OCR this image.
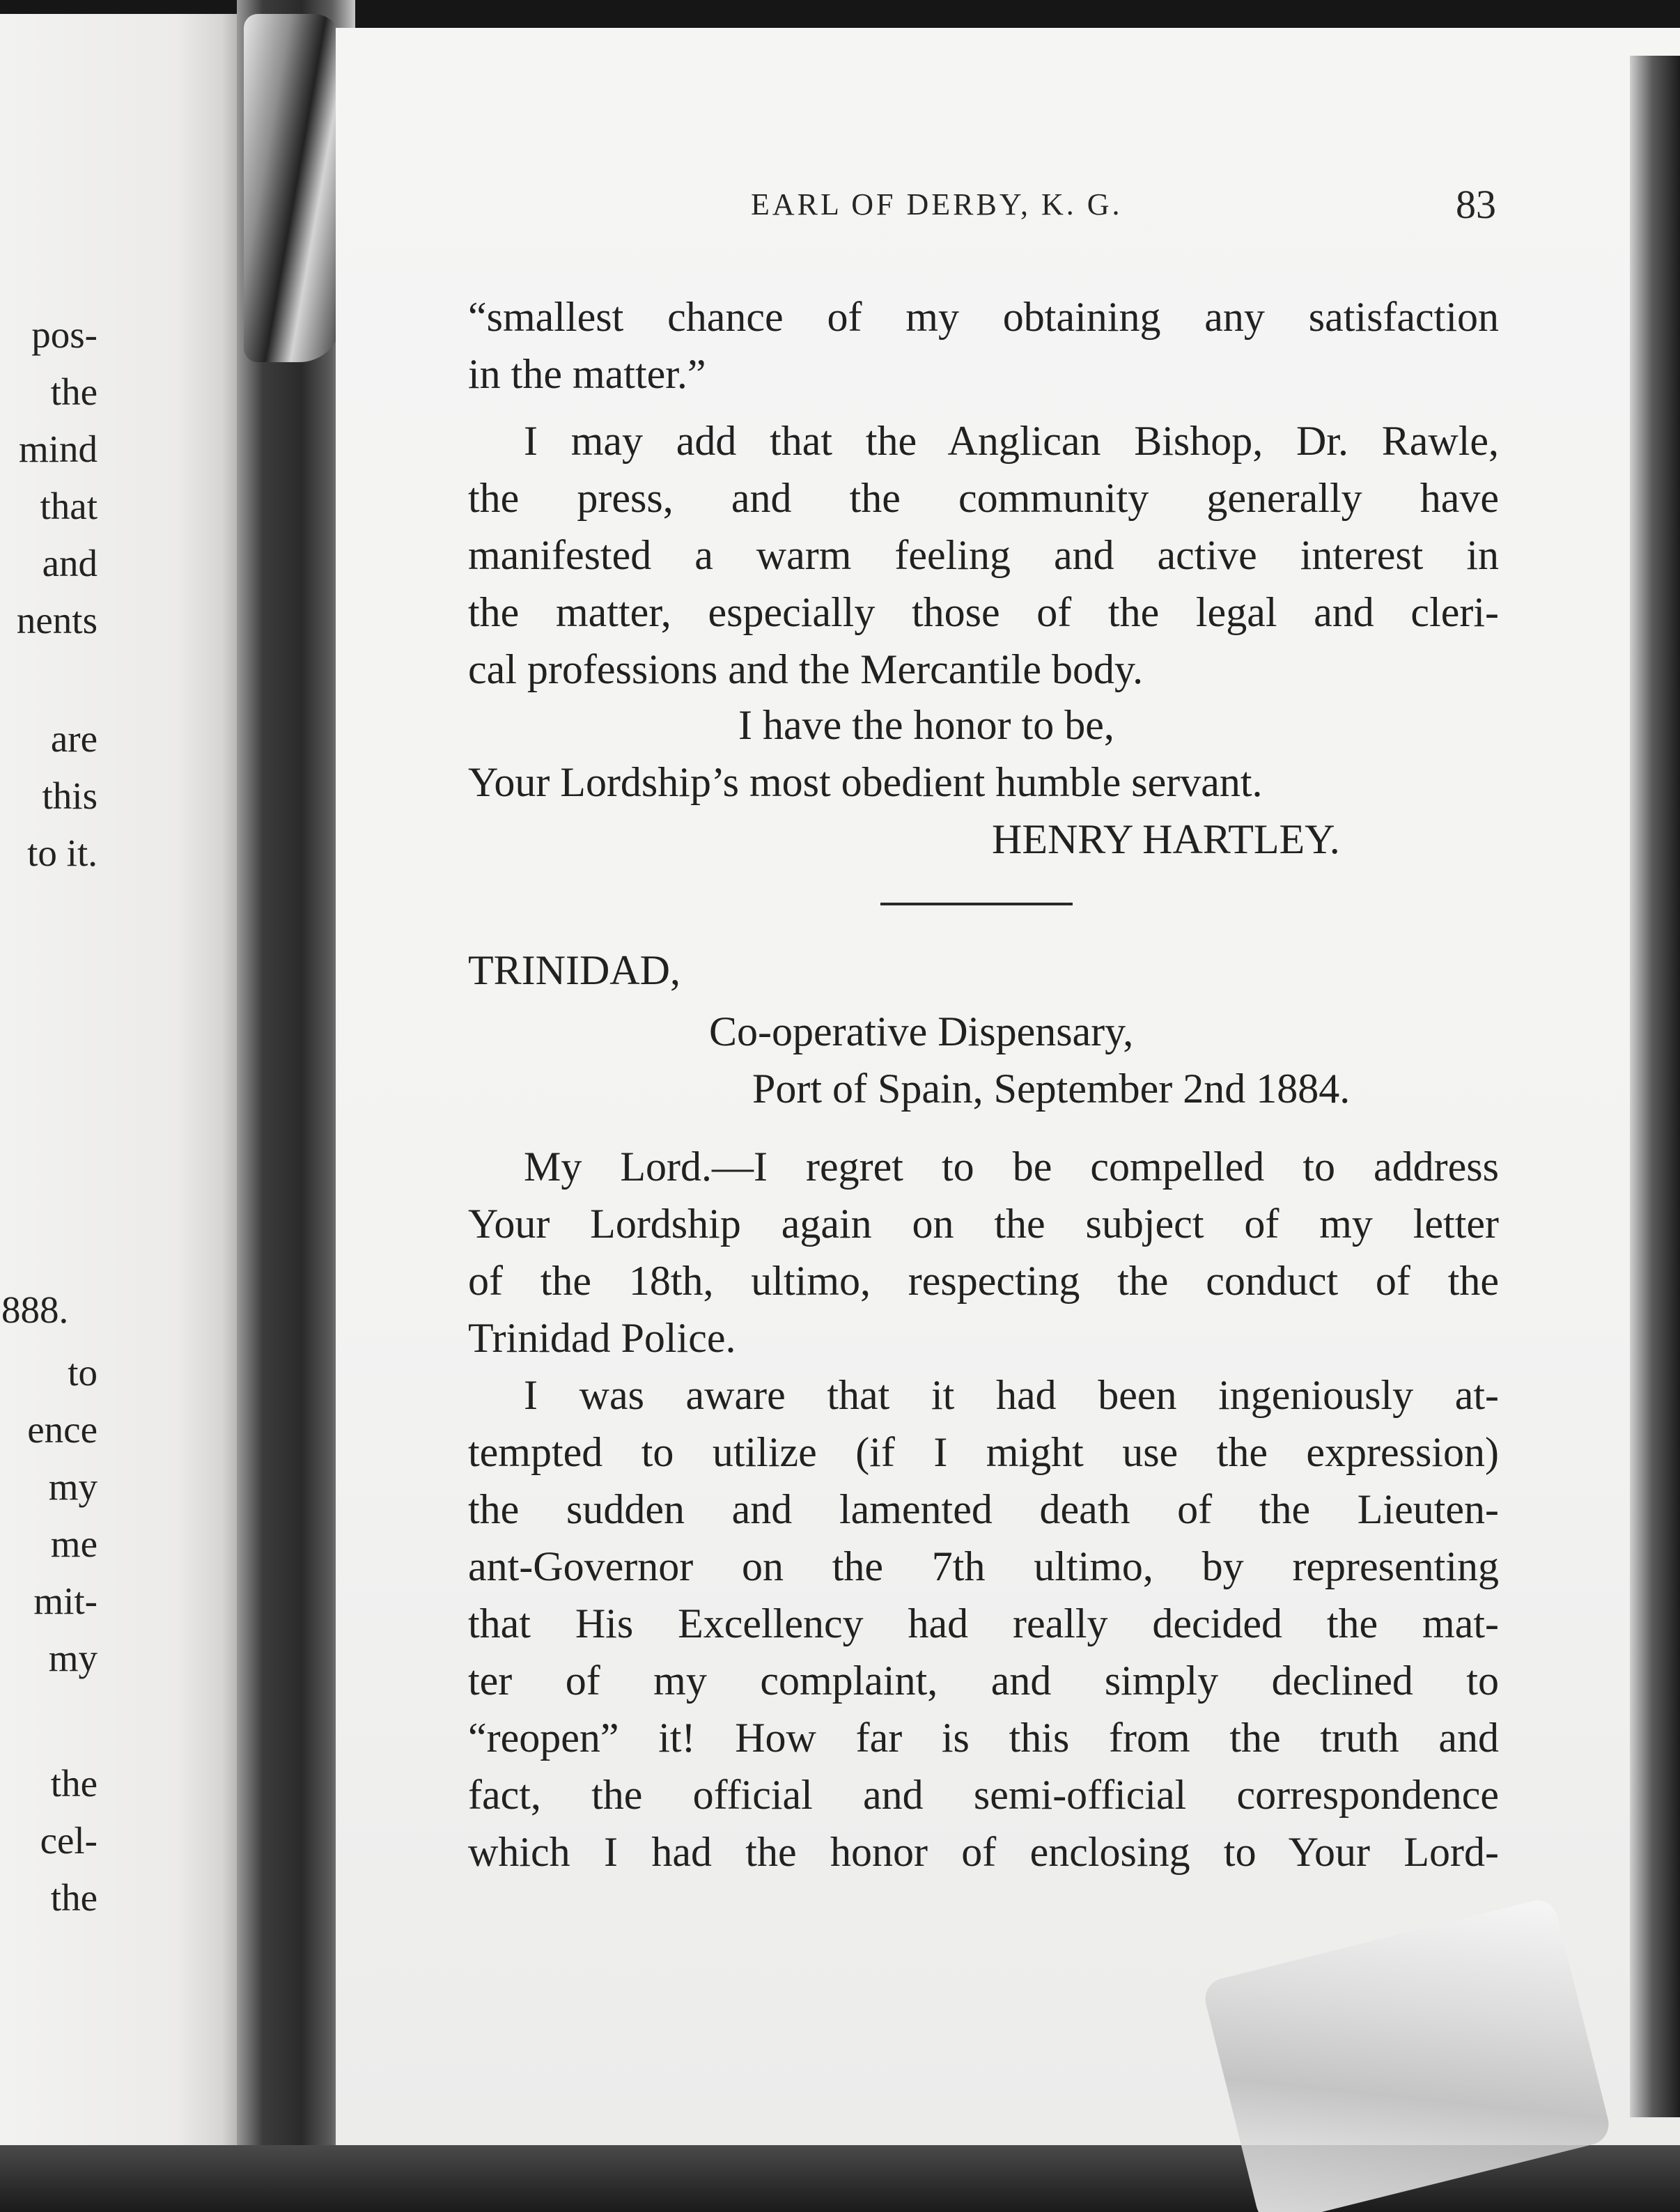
pos-
the
mind
that
and
nents
are
this
to it.
888.
to
ence
my
me
mit-
my
the
cel-
the
EARL OF DERBY, K. G.	83
“smallest chance of my obtaining any satisfaction
in the matter.”
I may add that the Anglican Bishop, Dr. Rawle,
the press, and the community generally have
manifested a warm feeling and active interest in
the matter, especially those of the legal and cleri-
cal professions and the Mercantile body.
I have the honor to be,
Your Lordship’s most obedient humble servant.
HENRY HARTLEY.
TRINIDAD,
Co-operative Dispensary,
Port of Spain, September 2nd 1884.
My Lord.—I regret to be compelled to address
Your Lordship again on the subject of my letter
of the 18th, ultimo, respecting the conduct of the
Trinidad Police.
I was aware that it had been ingeniously at-
tempted to utilize (if I might use the expression)
the sudden and lamented death of the Lieuten-
ant-Governor on the 7th ultimo, by representing
that His Excellency had really decided the mat-
ter of my complaint, and simply declined to
“reopen” it! How far is this from the truth and
fact, the official and semi-official correspondence
which I had the honor of enclosing to Your Lord-
